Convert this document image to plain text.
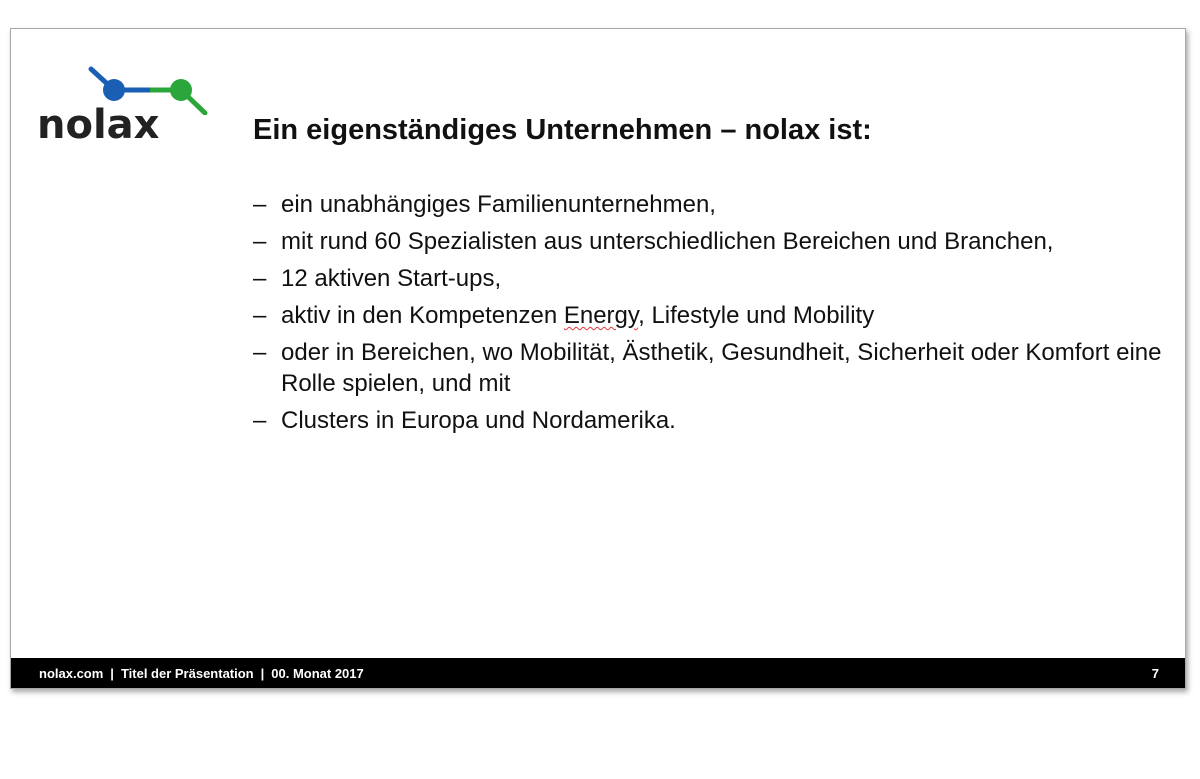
nolax	Ein eigenständiges Unternehmen – nolax ist:
– ein unabhängiges Familienunternehmen,
– mit rund 60 Spezialisten aus unterschiedlichen Bereichen und Branchen,
– 12 aktiven Start-ups,
– aktiv in den Kompetenzen Energy, Lifestyle und Mobility
– oder in Bereichen, wo Mobilität, Ästhetik, Gesundheit, Sicherheit oder Komfort eine Rolle spielen, und mit
– Clusters in Europa und Nordamerika.
nolax.com | Titel der Präsentation | 00. Monat 2017	7
